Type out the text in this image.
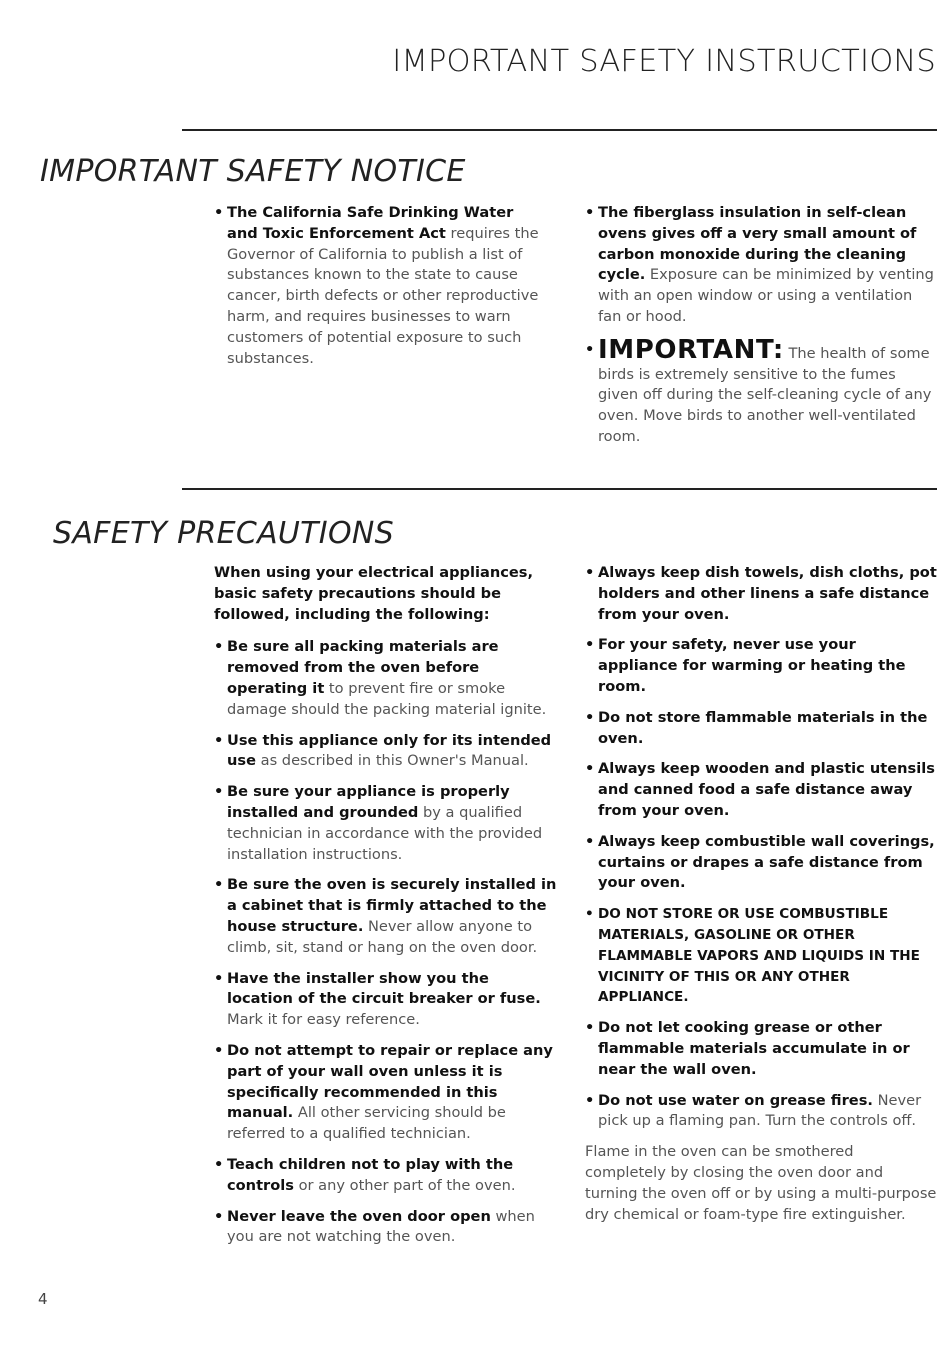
IMPORTANT SAFETY INSTRUCTIONS
IMPORTANT SAFETY NOTICE

• The California Safe Drinking Water and Toxic Enforcement Act requires the Governor of California to publish a list of substances known to the state to cause cancer, birth defects or other reproductive harm, and requires businesses to warn customers of potential exposure to such substances.

• The fiberglass insulation in self-clean ovens gives off a very small amount of carbon monoxide during the cleaning cycle. Exposure can be minimized by venting with an open window or using a ventilation fan or hood.

• IMPORTANT: The health of some birds is extremely sensitive to the fumes given off during the self-cleaning cycle of any oven. Move birds to another well-ventilated room.

SAFETY PRECAUTIONS

When using your electrical appliances, basic safety precautions should be followed, including the following:

• Be sure all packing materials are removed from the oven before operating it to prevent fire or smoke damage should the packing material ignite.

• Use this appliance only for its intended use as described in this Owner's Manual.

• Be sure your appliance is properly installed and grounded by a qualified technician in accordance with the provided installation instructions.

• Be sure the oven is securely installed in a cabinet that is firmly attached to the house structure. Never allow anyone to climb, sit, stand or hang on the oven door.

• Have the installer show you the location of the circuit breaker or fuse. Mark it for easy reference.

• Do not attempt to repair or replace any part of your wall oven unless it is specifically recommended in this manual. All other servicing should be referred to a qualified technician.

• Teach children not to play with the controls or any other part of the oven.

• Never leave the oven door open when you are not watching the oven.

• Always keep dish towels, dish cloths, pot holders and other linens a safe distance from your oven.

• For your safety, never use your appliance for warming or heating the room.

• Do not store flammable materials in the oven.

• Always keep wooden and plastic utensils and canned food a safe distance away from your oven.

• Always keep combustible wall coverings, curtains or drapes a safe distance from your oven.

• DO NOT STORE OR USE COMBUSTIBLE MATERIALS, GASOLINE OR OTHER FLAMMABLE VAPORS AND LIQUIDS IN THE VICINITY OF THIS OR ANY OTHER APPLIANCE.

• Do not let cooking grease or other flammable materials accumulate in or near the wall oven.

• Do not use water on grease fires. Never pick up a flaming pan. Turn the controls off.

Flame in the oven can be smothered completely by closing the oven door and turning the oven off or by using a multi-purpose dry chemical or foam-type fire extinguisher.

4
